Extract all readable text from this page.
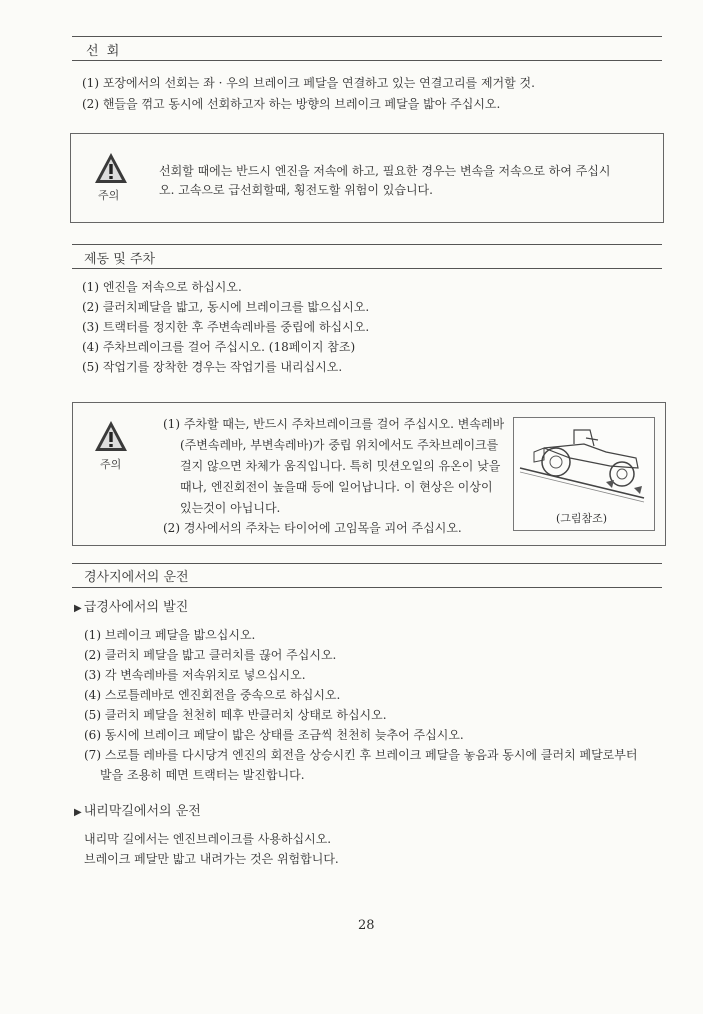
선 회
(1) 포장에서의 선회는 좌 · 우의 브레이크 페달을 연결하고 있는 연결고리를 제거할 것.
(2) 핸들을 꺾고 동시에 선회하고자 하는 방향의 브레이크 페달을 밟아 주십시오.
주의
선회할 때에는 반드시 엔진을 저속에 하고, 필요한 경우는 변속을 저속으로 하여 주십시
오. 고속으로 급선회할때, 횡전도할 위험이 있습니다.
제동 및 주차
(1) 엔진을 저속으로 하십시오.
(2) 클러치페달을 밟고, 동시에 브레이크를 밟으십시오.
(3) 트랙터를 정지한 후 주변속레바를 중립에 하십시오.
(4) 주차브레이크를 걸어 주십시오. (18페이지 참조)
(5) 작업기를 장착한 경우는 작업기를 내리십시오.
주의
(1) 주차할 때는, 반드시 주차브레이크를 걸어 주십시오. 변속레바
(주변속레바, 부변속레바)가 중립 위치에서도 주차브레이크를
걸지 않으면 차체가 움직입니다. 특히 밋션오일의 유온이 낮을
때나, 엔진회전이 높을때 등에 일어납니다. 이 현상은 이상이
있는것이 아닙니다.
(2) 경사에서의 주차는 타이어에 고임목을 괴어 주십시오.
(그림참조)
경사지에서의 운전
▶ 급경사에서의 발진
(1) 브레이크 페달을 밟으십시오.
(2) 클러치 페달을 밟고 클러치를 끊어 주십시오.
(3) 각 변속레바를 저속위치로 넣으십시오.
(4) 스로틀레바로 엔진회전을 중속으로 하십시오.
(5) 클러치 페달을 천천히 떼후 반클러치 상태로 하십시오.
(6) 동시에 브레이크 페달이 밟은 상태를 조금씩 천천히 늦추어 주십시오.
(7) 스로틀 레바를 다시당겨 엔진의 회전을 상승시킨 후 브레이크 페달을 놓음과 동시에 클러치 페달로부터
발을 조용히 떼면 트랙터는 발진합니다.
▶ 내리막길에서의 운전
내리막 길에서는 엔진브레이크를 사용하십시오.
브레이크 페달만 밟고 내려가는 것은 위험합니다.
28
